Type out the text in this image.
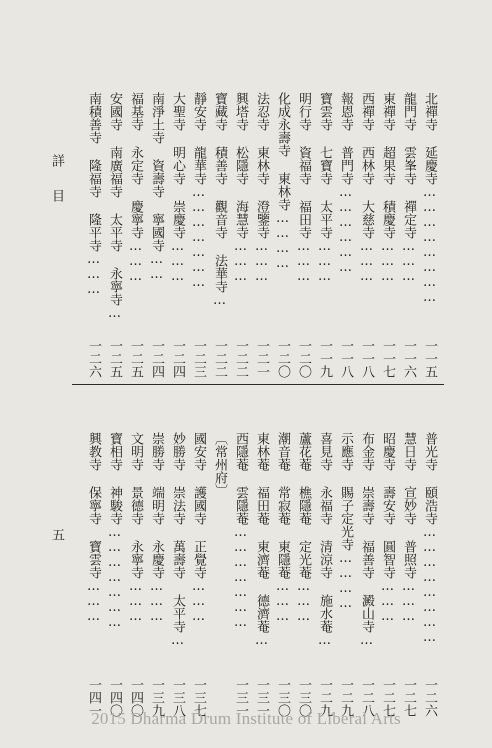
北禪寺 延慶寺……………………
一一五
龍門寺 雲峯寺 禪定寺………
一一六
東禪寺 超果寺 積慶寺………
一一七
西禪寺 西林寺 大慈寺………
一一八
報恩寺 普門寺………………
一一八
寶雲寺 七寶寺 太平寺………
一一九
明行寺 資福寺 福田寺………
一二〇
化成永壽寺 東林寺…………
一二〇
法忍寺 東林寺 澄鑒寺………
一二一
興塔寺 松隱寺 海慧寺………
一二二
寶藏寺 積善寺 觀音寺 法華寺…
一二二
靜安寺 龍華寺…………………
一二三
大聖寺 明心寺 崇慶寺………
一二四
南淨土寺 資壽寺 寧國寺……
一二四
福基寺 永定寺 慶寧寺………
一二五
安國寺 南廣福寺 太平寺 永寧寺…
一二五
南積善寺 隆福寺 隆平寺………
一二六
普光寺 頤浩寺……………………
一二六
慧日寺 宣妙寺 普照寺………
一二七
昭慶寺 壽安寺 圓智寺………
一二七
布金寺 崇壽寺 福善寺 澱山寺…
一二八
示應寺 賜子定光寺…………
一二九
喜見寺 永福寺 清涼寺 施水菴…
一二九
蘆花菴 樵隱菴 定光菴………
一三〇
潮音菴 常寂菴 東隱菴………
一三〇
東林菴 福田菴 東濟菴 德濟菴…
一三一
西隱菴 雲隱菴…………………
一三一
〔常州府〕
國安寺 護國寺 正覺寺………
一三七
妙勝寺 崇法寺 萬壽寺 太平寺…
一三八
崇勝寺 端明寺 永慶寺………
一三九
文明寺 景德寺 永寧寺………
一四〇
寶相寺 神駿寺…………………
一四〇
興教寺 保寧寺 寶雲寺………
一四一
詳目
五
2015 Dharma Drum Institute of Liberal Arts
